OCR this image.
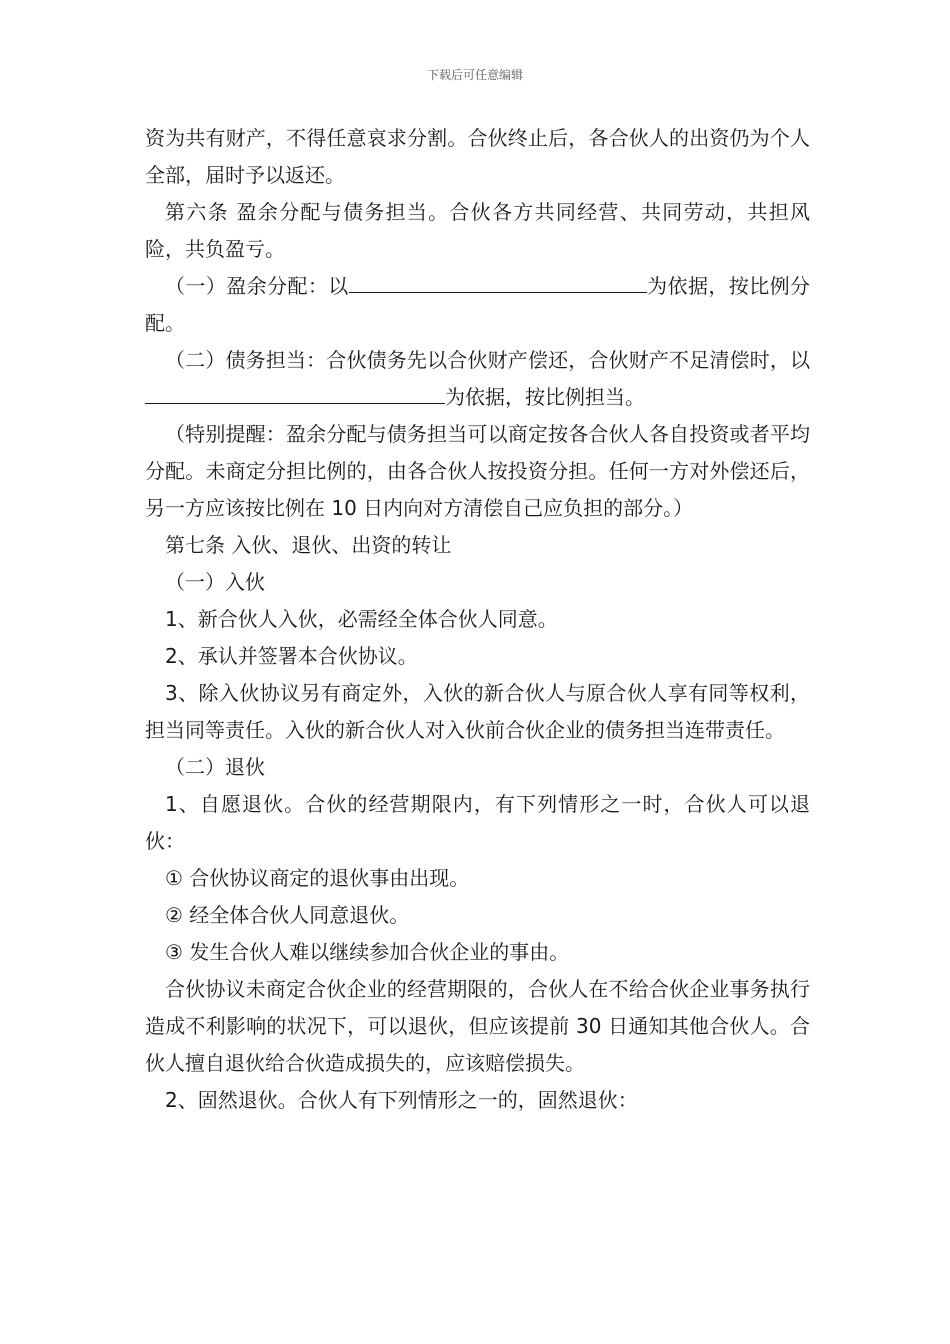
下载后可任意编辑

资为共有财产，不得任意哀求分割。合伙终止后，各合伙人的出资仍为个人全部，届时予以返还。

第六条 盈余分配与债务担当。合伙各方共同经营、共同劳动，共担风险，共负盈亏。

（一）盈余分配：以	为依据，按比例分配。

（二）债务担当：合伙债务先以合伙财产偿还，合伙财产不足清偿时，以为依据，按比例担当。

（特别提醒：盈余分配与债务担当可以商定按各合伙人各自投资或者平均分配。未商定分担比例的，由各合伙人按投资分担。任何一方对外偿还后，另一方应该按比例在 10 日内向对方清偿自己应负担的部分。）

第七条 入伙、退伙、出资的转让

（一）入伙

1、新合伙人入伙，必需经全体合伙人同意。

2、承认并签署本合伙协议。

3、除入伙协议另有商定外，入伙的新合伙人与原合伙人享有同等权利，担当同等责任。入伙的新合伙人对入伙前合伙企业的债务担当连带责任。

（二）退伙

1、自愿退伙。合伙的经营期限内，有下列情形之一时，合伙人可以退伙：

① 合伙协议商定的退伙事由出现。

② 经全体合伙人同意退伙。

③ 发生合伙人难以继续参加合伙企业的事由。

合伙协议未商定合伙企业的经营期限的，合伙人在不给合伙企业事务执行造成不利影响的状况下，可以退伙，但应该提前 30 日通知其他合伙人。合伙人擅自退伙给合伙造成损失的，应该赔偿损失。

2、固然退伙。合伙人有下列情形之一的，固然退伙：
